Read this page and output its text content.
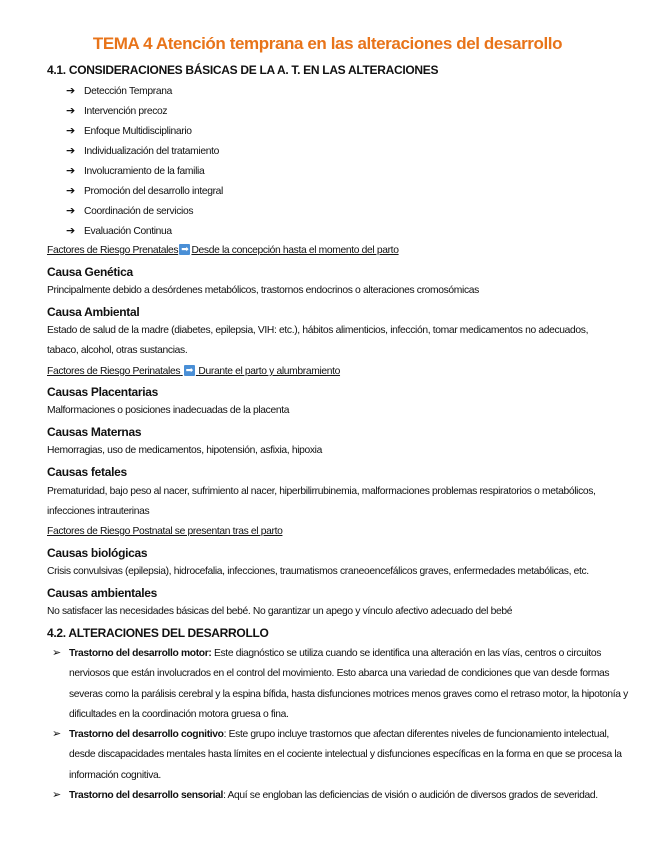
TEMA 4 Atención temprana en las alteraciones del desarrollo
4.1. CONSIDERACIONES BÁSICAS DE LA A. T. EN LAS ALTERACIONES
➔ Detección Temprana
➔ Intervención precoz
➔ Enfoque Multidisciplinario
➔ Individualización del tratamiento
➔ Involucramiento de la familia
➔ Promoción del desarrollo integral
➔ Coordinación de servicios
➔ Evaluación Continua
Factores de Riesgo Prenatales ➡ Desde la concepción hasta el momento del parto
Causa Genética
Principalmente debido a desórdenes metabólicos, trastornos endocrinos o alteraciones cromosómicas
Causa Ambiental
Estado de salud de la madre (diabetes, epilepsia, VIH: etc.), hábitos alimenticios, infección, tomar medicamentos no adecuados,
tabaco, alcohol, otras sustancias.
Factores de Riesgo Perinatales ➡ Durante el parto y alumbramiento
Causas Placentarias
Malformaciones o posiciones inadecuadas de la placenta
Causas Maternas
Hemorragias, uso de medicamentos, hipotensión, asfixia, hipoxia
Causas fetales
Prematuridad, bajo peso al nacer, sufrimiento al nacer, hiperbilirrubinemia, malformaciones problemas respiratorios o metabólicos,
infecciones intrauterinas
Factores de Riesgo Postnatal se presentan tras el parto
Causas biológicas
Crisis convulsivas (epilepsia), hidrocefalia, infecciones, traumatismos craneoencefálicos graves, enfermedades metabólicas, etc.
Causas ambientales
No satisfacer las necesidades básicas del bebé. No garantizar un apego y vínculo afectivo adecuado del bebé
4.2. ALTERACIONES DEL DESARROLLO
➢ Trastorno del desarrollo motor: Este diagnóstico se utiliza cuando se identifica una alteración en las vías, centros o circuitos nerviosos que están involucrados en el control del movimiento. Esto abarca una variedad de condiciones que van desde formas severas como la parálisis cerebral y la espina bífida, hasta disfunciones motrices menos graves como el retraso motor, la hipotonía y dificultades en la coordinación motora gruesa o fina.
➢ Trastorno del desarrollo cognitivo: Este grupo incluye trastornos que afectan diferentes niveles de funcionamiento intelectual, desde discapacidades mentales hasta límites en el cociente intelectual y disfunciones específicas en la forma en que se procesa la información cognitiva.
➢ Trastorno del desarrollo sensorial: Aquí se engloban las deficiencias de visión o audición de diversos grados de severidad.
